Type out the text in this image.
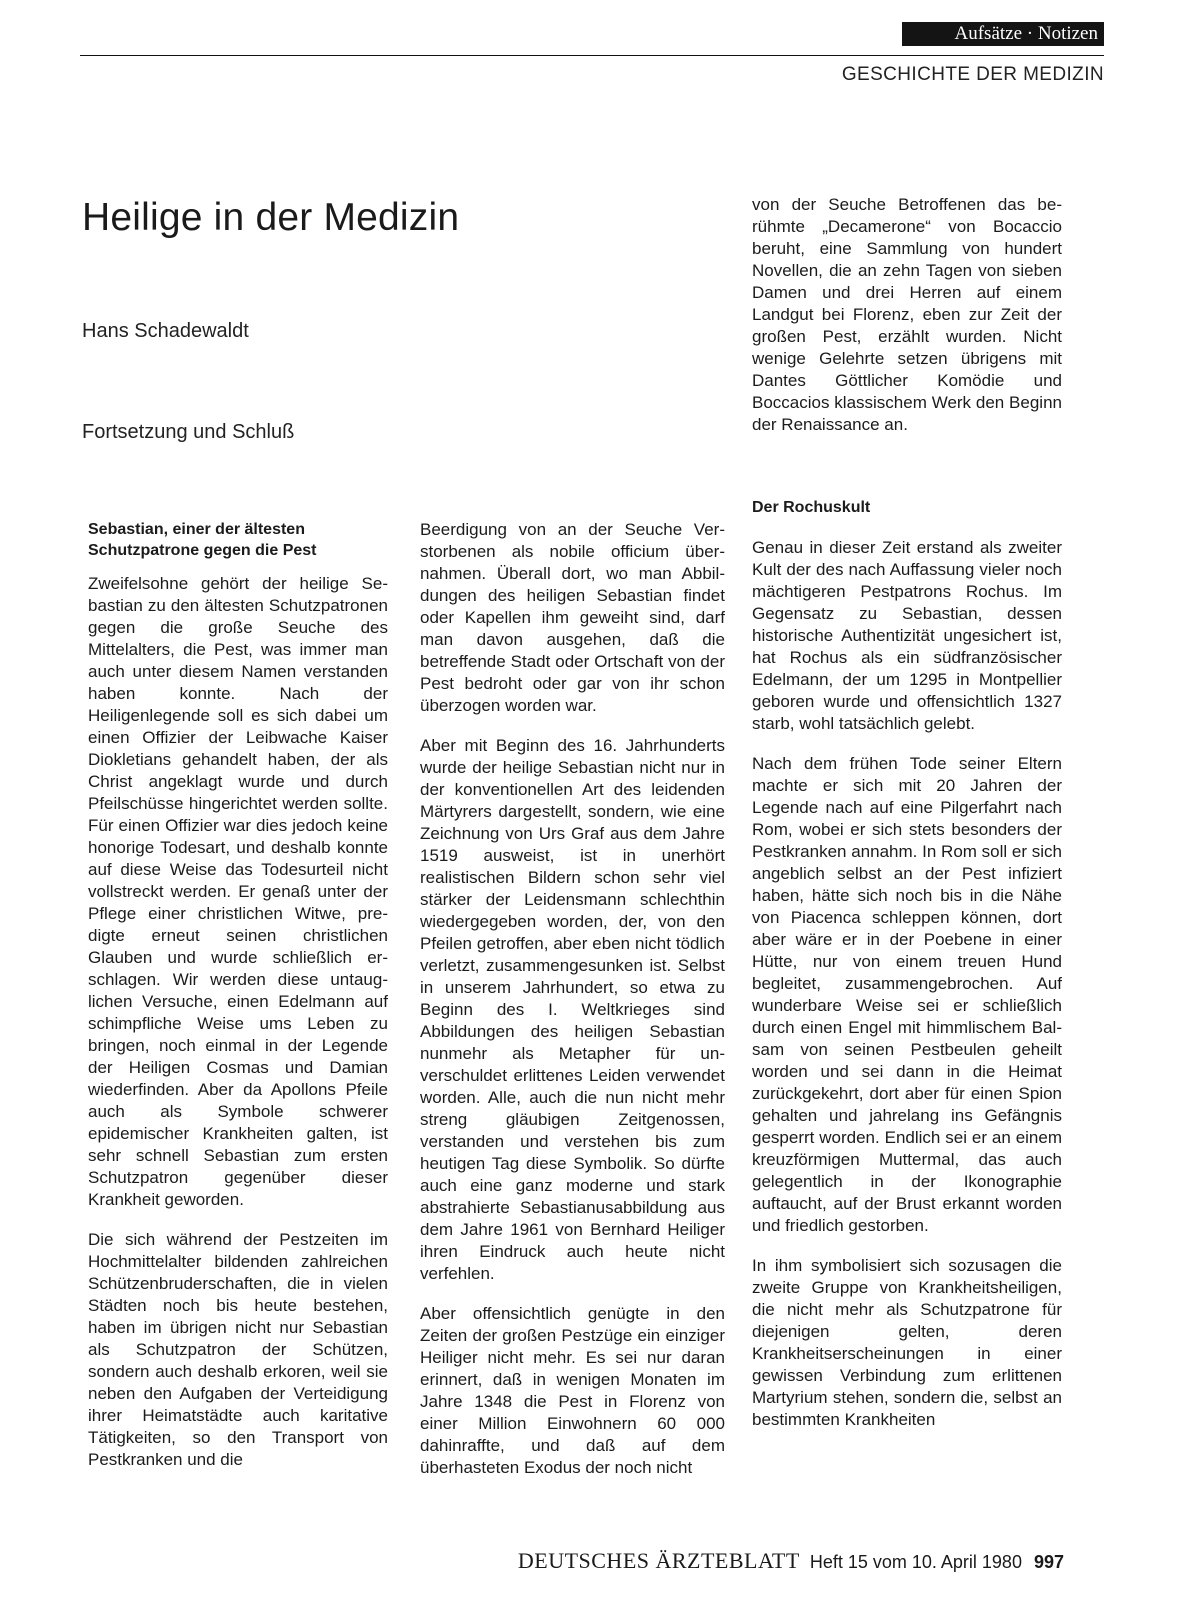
Aufsätze · Notizen
GESCHICHTE DER MEDIZIN
Heilige in der Medizin
Hans Schadewaldt
Fortsetzung und Schluß

von der Seuche Betroffenen das berühmte „Decamerone“ von Bocaccio beruht, eine Sammlung von hundert Novellen, die an zehn Tagen von sieben Damen und drei Herren auf einem Landgut bei Florenz, eben zur Zeit der großen Pest, erzählt wurden. Nicht wenige Gelehrte setzen übrigens mit Dantes Göttlicher Komödie und Boccacios klassischem Werk den Beginn der Renaissance an.

Sebastian, einer der ältesten Schutzpatrone gegen die Pest

Zweifelsohne gehört der heilige Sebastian zu den ältesten Schutzpatronen gegen die große Seuche des Mittelalters, die Pest, was immer man auch unter diesem Namen verstanden haben konnte. Nach der Heiligenlegende soll es sich dabei um einen Offizier der Leibwache Kaiser Diokletians gehandelt haben, der als Christ angeklagt wurde und durch Pfeilschüsse hingerichtet werden sollte. Für einen Offizier war dies jedoch keine honorige Todesart, und deshalb konnte auf diese Weise das Todesurteil nicht vollstreckt werden. Er genaß unter der Pflege einer christlichen Witwe, predigte erneut seinen christlichen Glauben und wurde schließlich erschlagen. Wir werden diese untauglichen Versuche, einen Edelmann auf schimpfliche Weise ums Leben zu bringen, noch einmal in der Legende der Heiligen Cosmas und Damian wiederfinden. Aber da Apollons Pfeile auch als Symbole schwerer epidemischer Krankheiten galten, ist sehr schnell Sebastian zum ersten Schutzpatron gegenüber dieser Krankheit geworden.

Die sich während der Pestzeiten im Hochmittelalter bildenden zahlreichen Schützenbruderschaften, die in vielen Städten noch bis heute bestehen, haben im übrigen nicht nur Sebastian als Schutzpatron der Schützen, sondern auch deshalb erkoren, weil sie neben den Aufgaben der Verteidigung ihrer Heimatstädte auch karitative Tätigkeiten, so den Transport von Pestkranken und die

Beerdigung von an der Seuche Verstorbenen als nobile officium übernahmen. Überall dort, wo man Abbildungen des heiligen Sebastian findet oder Kapellen ihm geweiht sind, darf man davon ausgehen, daß die betreffende Stadt oder Ortschaft von der Pest bedroht oder gar von ihr schon überzogen worden war.

Aber mit Beginn des 16. Jahrhunderts wurde der heilige Sebastian nicht nur in der konventionellen Art des leidenden Märtyrers dargestellt, sondern, wie eine Zeichnung von Urs Graf aus dem Jahre 1519 ausweist, ist in unerhört realistischen Bildern schon sehr viel stärker der Leidensmann schlechthin wiedergegeben worden, der, von den Pfeilen getroffen, aber eben nicht tödlich verletzt, zusammengesunken ist. Selbst in unserem Jahrhundert, so etwa zu Beginn des I. Weltkrieges sind Abbildungen des heiligen Sebastian nunmehr als Metapher für unverschuldet erlittenes Leiden verwendet worden. Alle, auch die nun nicht mehr streng gläubigen Zeitgenossen, verstanden und verstehen bis zum heutigen Tag diese Symbolik. So dürfte auch eine ganz moderne und stark abstrahierte Sebastianusabbildung aus dem Jahre 1961 von Bernhard Heiliger ihren Eindruck auch heute nicht verfehlen.

Aber offensichtlich genügte in den Zeiten der großen Pestzüge ein einziger Heiliger nicht mehr. Es sei nur daran erinnert, daß in wenigen Monaten im Jahre 1348 die Pest in Florenz von einer Million Einwohnern 60 000 dahinraffte, und daß auf dem überhasteten Exodus der noch nicht

Der Rochuskult

Genau in dieser Zeit erstand als zweiter Kult der des nach Auffassung vieler noch mächtigeren Pestpatrons Rochus. Im Gegensatz zu Sebastian, dessen historische Authentizität ungesichert ist, hat Rochus als ein südfranzösischer Edelmann, der um 1295 in Montpellier geboren wurde und offensichtlich 1327 starb, wohl tatsächlich gelebt.

Nach dem frühen Tode seiner Eltern machte er sich mit 20 Jahren der Legende nach auf eine Pilgerfahrt nach Rom, wobei er sich stets besonders der Pestkranken annahm. In Rom soll er sich angeblich selbst an der Pest infiziert haben, hätte sich noch bis in die Nähe von Piacenca schleppen können, dort aber wäre er in der Poebene in einer Hütte, nur von einem treuen Hund begleitet, zusammengebrochen. Auf wunderbare Weise sei er schließlich durch einen Engel mit himmlischem Balsam von seinen Pestbeulen geheilt worden und sei dann in die Heimat zurückgekehrt, dort aber für einen Spion gehalten und jahrelang ins Gefängnis gesperrt worden. Endlich sei er an einem kreuzförmigen Muttermal, das auch gelegentlich in der Ikonographie auftaucht, auf der Brust erkannt worden und friedlich gestorben.

In ihm symbolisiert sich sozusagen die zweite Gruppe von Krankheitsheiligen, die nicht mehr als Schutzpatrone für diejenigen gelten, deren Krankheitserscheinungen in einer gewissen Verbindung zum erlittenen Martyrium stehen, sondern die, selbst an bestimmten Krankheiten

DEUTSCHES ÄRZTEBLATT Heft 15 vom 10. April 1980 997
